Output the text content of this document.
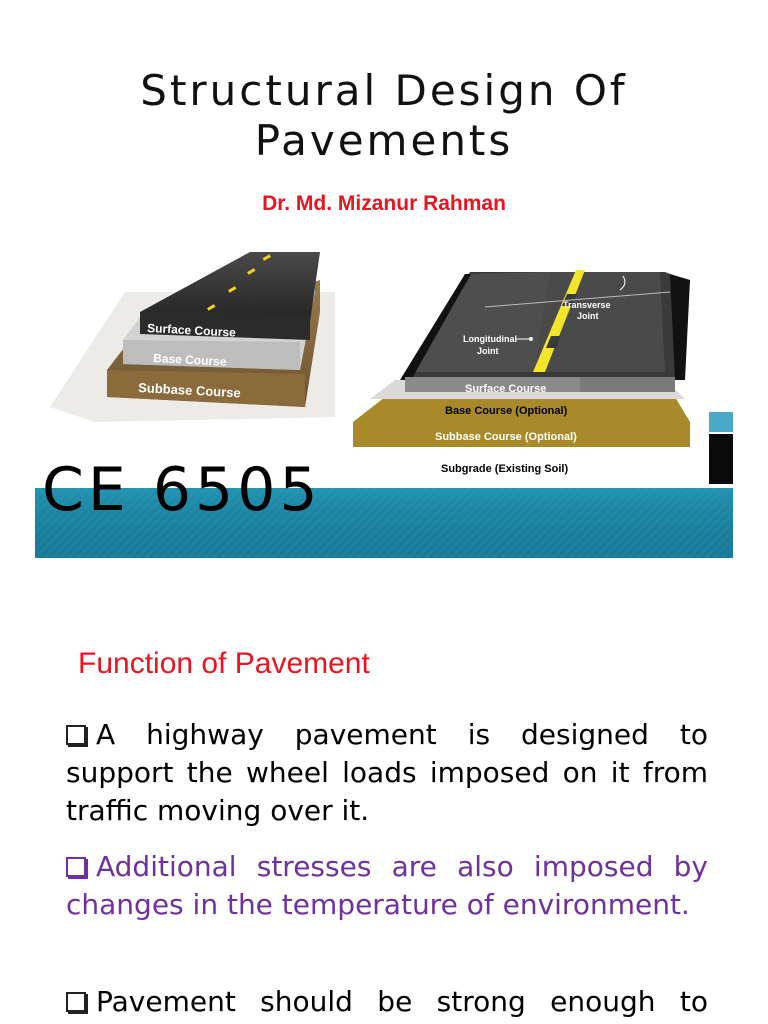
Structural Design Of
Pavements
Dr. Md. Mizanur Rahman
Surface Course
Base Course
Subbase Course
Transverse
Joint
Longitudinal
Joint
Surface Course
Base Course (Optional)
Subbase Course (Optional)
Subgrade (Existing Soil)
CE 6505
Function of Pavement
A highway pavement is designed to support the wheel loads imposed on it from traffic moving over it.
Additional stresses are also imposed by changes in the temperature of environment.
Pavement should be strong enough to
